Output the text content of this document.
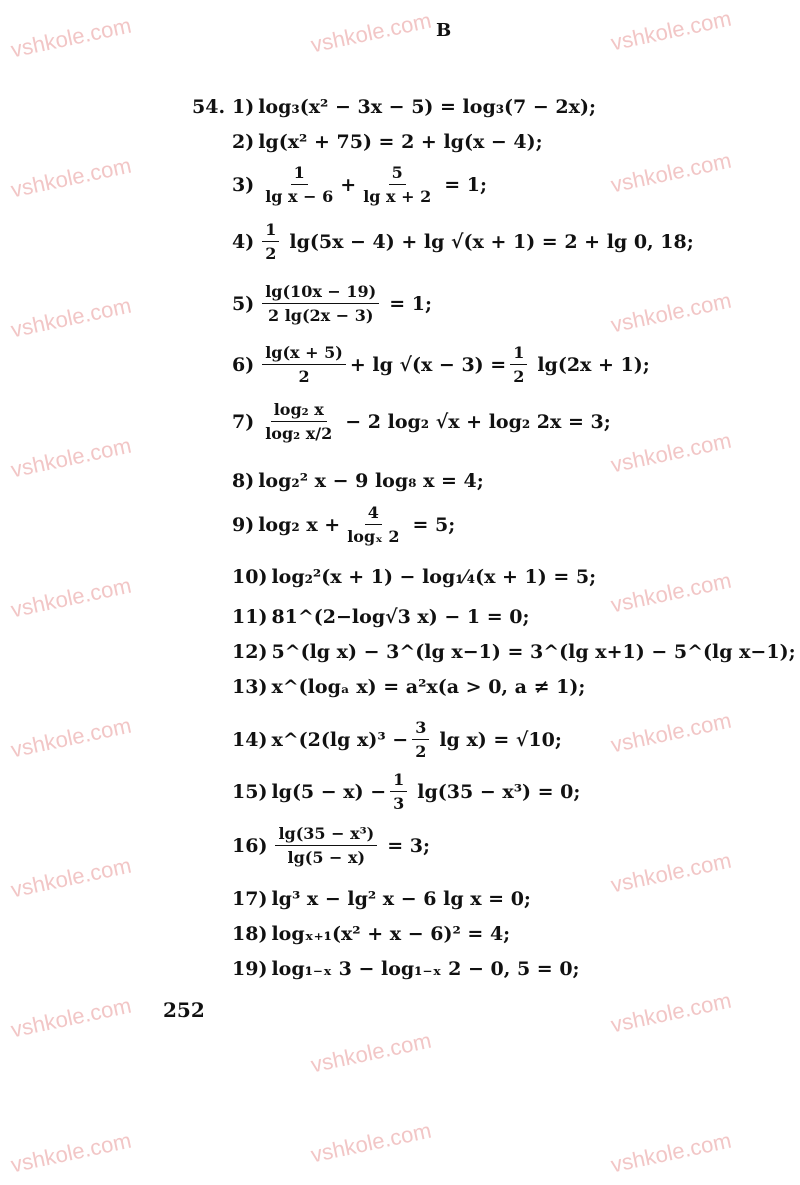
vshkole.com	vshkole.com	vshkole.com
vshkole.com	vshkole.com
vshkole.com	vshkole.com
vshkole.com	vshkole.com
vshkole.com	vshkole.com
vshkole.com	vshkole.com
vshkole.com	vshkole.com
vshkole.com
vshkole.com
vshkole.com
vshkole.com	vshkole.com	vshkole.com
В
54. 1) log₃(x² − 3x − 5) = log₃(7 − 2x);
2) lg(x² + 75) = 2 + lg(x − 4);
$3) \frac{1}{\text{lg x − 6}} + \frac{5}{\text{lg x + 2}} = 1$;
$4) \frac{1}{2} \lg(5x - 4) + \lg √(x + 1) = 2 + \lg 0$, 18;
$5) \frac{\lg(10x - 19)}{2 \lg(2x - 3)} = 1$;
$6) \frac{\lg(x + 5)}{2} + \lg √(x - 3) = \frac{1}{2} \lg(2x + 1)$;
$7) \frac{\text{log₂ x}}{\text{log₂ x/2}} - 2$ log₂ √x + log₂ 2x = 3;
8) log₂² x − 9 log₈ x = 4;
9) log₂ $x + \frac{4}{\text{logₓ 2}} = 5$;
10) log₂²(x + 1) − log₁⁄₄(x + 1) = 5;
11) 81^(2−log√3 x) − 1 = 0;
12) 5^(lg x) − 3^(lg x−1) = 3^(lg x+1) − 5^(lg x−1);
13) x^(logₐ x) = a²x(a > 0, a ≠ 1);
14) x^(2(lg $x)^3 - \frac{3}{2}$ lg x) = √10;
15) $\lg(5 - x) - \frac{1}{3} \lg(35 - x^3) = 0$;
$16) \frac{\text{lg(35 − x³)}}{\lg(5 - x)} = 3$;
17) lg³ x − lg² x − 6 lg x = 0;
18) logₓ₊₁(x² + x − 6)² = 4;
19) log₁₋ₓ 3 − log₁₋ₓ 2 − 0, 5 = 0;
252
